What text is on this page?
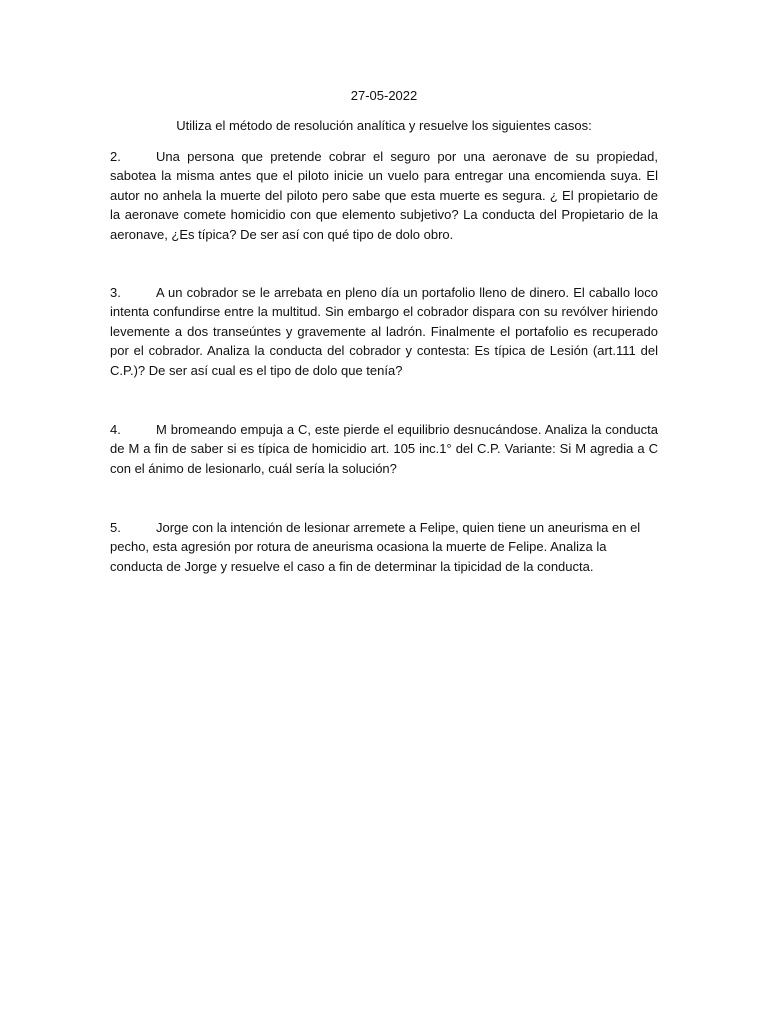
27-05-2022
Utiliza el método de resolución analítica y resuelve los siguientes casos:
2.	Una persona que pretende cobrar el seguro por una aeronave de su propiedad, sabotea la misma antes que el piloto inicie un vuelo para entregar una encomienda suya. El autor no anhela la muerte del piloto pero sabe que esta muerte es segura. ¿ El propietario de la aeronave comete homicidio con que elemento subjetivo? La conducta del Propietario de la aeronave, ¿Es típica? De ser así con qué tipo de dolo obro.
3.	A un cobrador se le arrebata en pleno día un portafolio lleno de dinero. El caballo loco intenta confundirse entre la multitud. Sin embargo el cobrador dispara con su revólver hiriendo levemente a dos transeúntes y gravemente al ladrón. Finalmente el portafolio es recuperado por el cobrador. Analiza la conducta del cobrador y contesta: Es típica de Lesión (art.111 del C.P.)? De ser así cual es el tipo de dolo que tenía?
4.	M bromeando empuja a C, este pierde el equilibrio desnucándose. Analiza la conducta de M a fin de saber si es típica de homicidio art. 105 inc.1° del C.P. Variante: Si M agredia a C con el ánimo de lesionarlo, cuál sería la solución?
5.	Jorge con la intención de lesionar arremete a Felipe, quien tiene un aneurisma en el pecho, esta agresión por rotura de aneurisma ocasiona la muerte de Felipe. Analiza la conducta de Jorge y resuelve el caso a fin de determinar la tipicidad de la conducta.
